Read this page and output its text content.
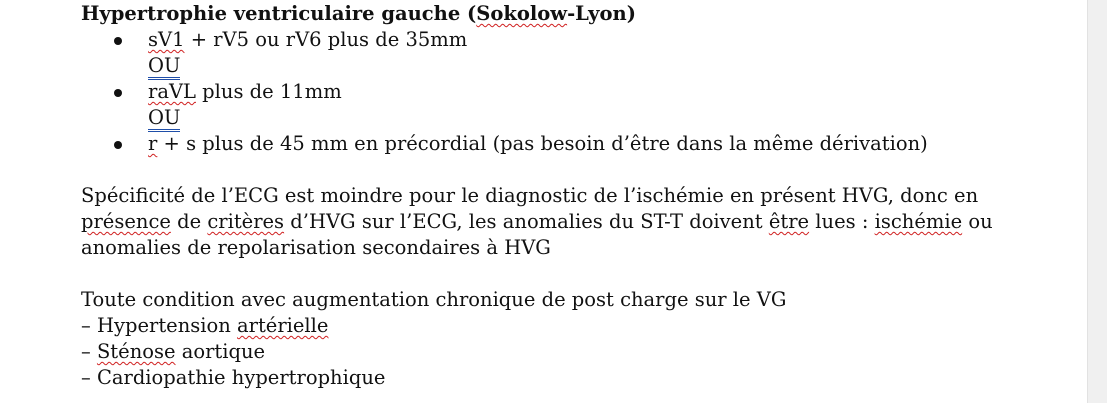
Hypertrophie ventriculaire gauche (Sokolow-Lyon)
sV1 + rV5 ou rV6 plus de 35mm
OU
raVL plus de 11mm
OU
r + s plus de 45 mm en précordial (pas besoin d’être dans la même dérivation)
Spécificité de l’ECG est moindre pour le diagnostic de l’ischémie en présent HVG, donc en
présence de critères d’HVG sur l’ECG, les anomalies du ST-T doivent être lues : ischémie ou
anomalies de repolarisation secondaires à HVG
Toute condition avec augmentation chronique de post charge sur le VG
– Hypertension artérielle
– Sténose aortique
– Cardiopathie hypertrophique
